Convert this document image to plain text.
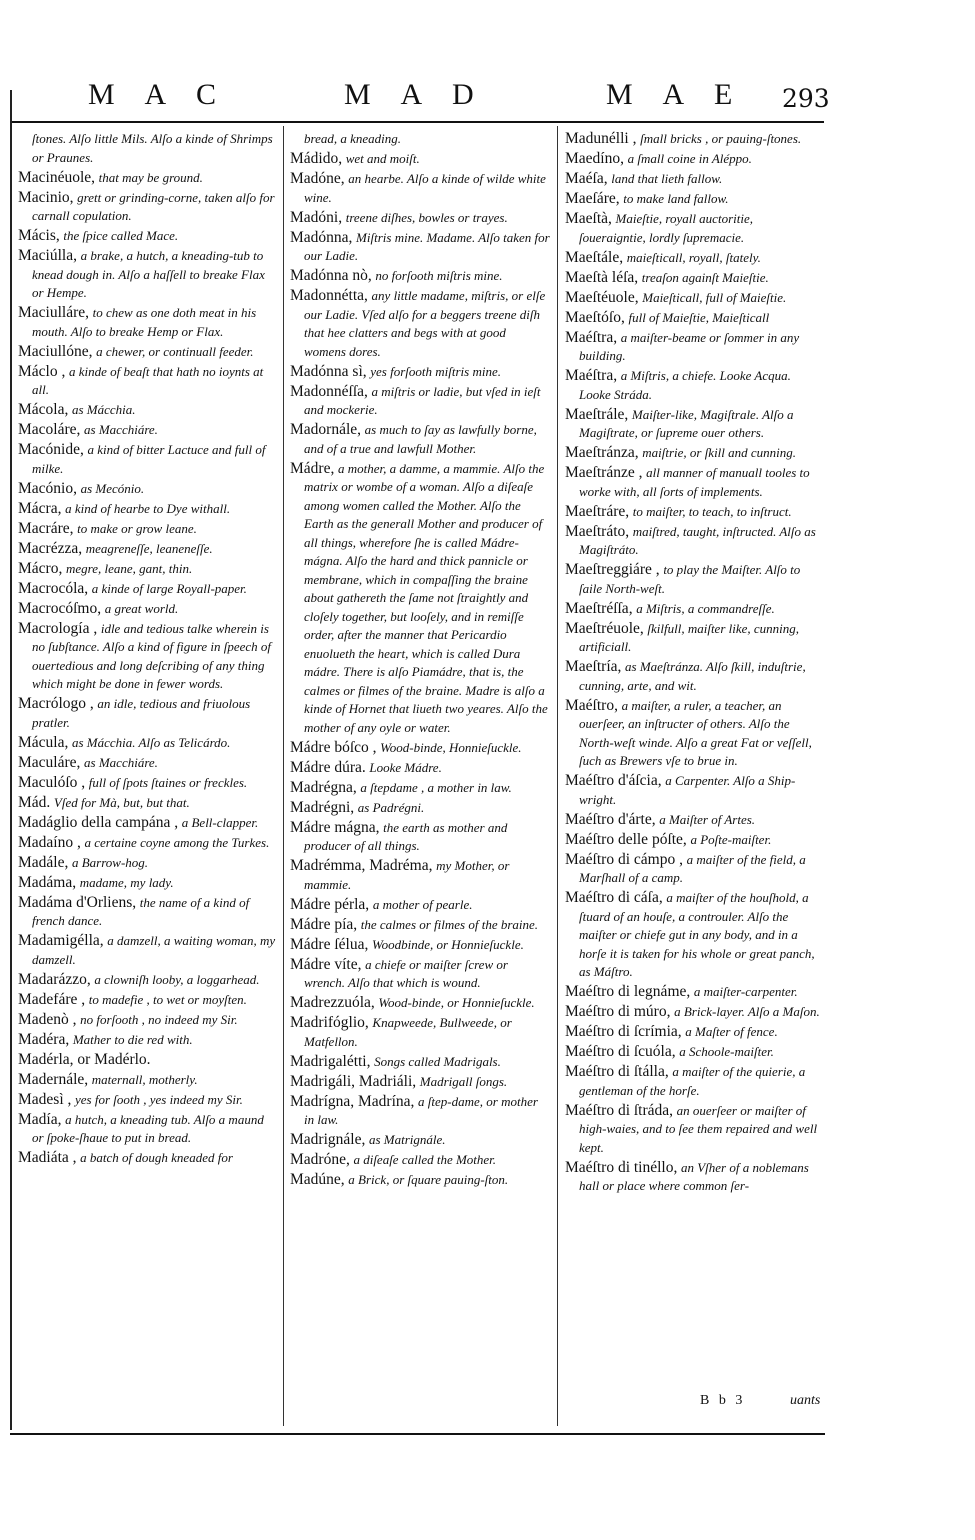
M A C	M A D	M A E 293
ſtones. Alſo little Mils. Alſo a kinde of Shrimps or Praunes.
Macinéuole, that may be ground.
Macinio, grett or grinding-corne, taken alſo for carnall copulation.
Mácis, the ſpice called Mace.
Maciúlla, a brake, a hutch, a kneading-tub to knead dough in. Alſo a haſſell to breake Flax or Hempe.
Maciulláre, to chew as one doth meat in his mouth. Alſo to breake Hemp or Flax.
Maciullóne, a chewer, or continuall feeder.
Máclo , a kinde of beaſt that hath no ioynts at all.
Mácola, as Mácchia.
Macoláre, as Macchiáre.
Macónide, a kind of bitter Lactuce and full of milke.
Macónio, as Mecónio.
Mácra, a kind of hearbe to Dye withall.
Macráre, to make or grow leane.
Macrézza, meagreneſſe, leaneneſſe.
Mácro, megre, leane, gant, thin.
Macrocóla, a kinde of large Royall-paper.
Macrocóſmo, a great world.
Macrología , idle and tedious talke wherein is no ſubſtance. Alſo a kind of figure in ſpeech of ouertedious and long deſcribing of any thing which might be done in fewer words.
Macrólogo , an idle, tedious and friuolous pratler.
Mácula, as Mácchia. Alſo as Telicárdo.
Maculáre, as Macchiáre.
Maculóſo , full of ſpots ſtaines or freckles.
Mád. Vſed for Mà, but, but that.
Madáglio della campána , a Bell-clapper.
Madaíno , a certaine coyne among the Turkes.
Madále, a Barrow-hog.
Madáma, madame, my lady.
Madáma d'Orliens, the name of a kind of french dance.
Madamigélla, a damzell, a waiting woman, my damzell.
Madarázzo, a clowniſh looby, a loggarhead.
Madefáre , to madefie , to wet or moyſten.
Madenò , no forſooth , no indeed my Sir.
Madéra, Mather to die red with.
Madérla, or Madérlo.
Madernále, maternall, motherly.
Madesì , yes for ſooth , yes indeed my Sir.
Madía, a hutch, a kneading tub. Alſo a maund or ſpoke-ſhaue to put in bread.
Madiáta , a batch of dough kneaded for
bread, a kneading.
Mádido, wet and moiſt.
Madóne, an hearbe. Alſo a kinde of wilde white wine.
Madóni, treene diſhes, bowles or trayes.
Madónna, Miſtris mine. Madame. Alſo taken for our Ladie.
Madónna nò, no forſooth miſtris mine.
Madonnétta, any little madame, miſtris, or elſe our Ladie. Vſed alſo for a beggers treene diſh that hee clatters and begs with at good womens dores.
Madónna sì, yes forſooth miſtris mine.
Madonnéſſa, a miſtris or ladie, but vſed in ieſt and mockerie.
Madornále, as much to ſay as lawfully borne, and of a true and lawfull Mother.
Mádre, a mother, a damme, a mammie. Alſo the matrix or wombe of a woman. Alſo a diſeaſe among women called the Mother. Alſo the Earth as the generall Mother and producer of all things, wherefore ſhe is called Mádre-mágna. Alſo the hard and thick pannicle or membrane, which in compaſſing the braine about gathereth the ſame not ſtraightly and cloſely together, but looſely, and in remiſſe order, after the manner that Pericardio enuolueth the heart, which is called Dura mádre. There is alſo Piamádre, that is, the calmes or filmes of the braine. Madre is alſo a kinde of Hornet that liueth two yeares. Alſo the mother of any oyle or water.
Mádre bóſco , Wood-binde, Honnieſuckle.
Mádre dúra. Looke Mádre.
Madrégna, a ſtepdame , a mother in law.
Madrégni, as Padrégni.
Mádre mágna, the earth as mother and producer of all things.
Madrémma, Madréma, my Mother, or mammie.
Mádre pérla, a mother of pearle.
Mádre pía, the calmes or filmes of the braine.
Mádre ſélua, Woodbinde, or Honnieſuckle.
Mádre víte, a chiefe or maiſter ſcrew or wrench. Alſo that which is wound.
Madrezzuóla, Wood-binde, or Honnieſuckle.
Madrifóglio, Knapweede, Bullweede, or Matfellon.
Madrigalétti, Songs called Madrigals.
Madrigáli, Madriáli, Madrigall ſongs.
Madrígna, Madrína, a ſtep-dame, or mother in law.
Madrignále, as Matrignále.
Madróne, a diſeaſe called the Mother.
Madúne, a Brick, or ſquare pauing-ſton.
Madunélli , ſmall bricks , or pauing-ſtones.
Maedíno, a ſmall coine in Aléppo.
Maéſa, land that lieth fallow.
Maeſáre, to make land fallow.
Maeſtà, Maieſtie, royall auctoritie, ſoueraigntie, lordly ſupremacie.
Maeſtále, maieſticall, royall, ſtately.
Maeſtà léſa, treaſon againſt Maieſtie.
Maeſtéuole, Maieſticall, full of Maieſtie.
Maeſtóſo, full of Maieſtie, Maieſticall
Maéſtra, a maiſter-beame or ſommer in any building.
Maéſtra, a Miſtris, a chiefe. Looke Acqua. Looke Stráda.
Maeſtrále, Maiſter-like, Magiſtrale. Alſo a Magiſtrate, or ſupreme ouer others.
Maeſtránza, maiſtrie, or ſkill and cunning.
Maeſtránze , all manner of manuall tooles to worke with, all ſorts of implements.
Maeſtráre, to maiſter, to teach, to inſtruct.
Maeſtráto, maiſtred, taught, inſtructed. Alſo as Magiſtráto.
Maeſtreggiáre , to play the Maiſter. Alſo to ſaile North-weſt.
Maeſtréſſa, a Miſtris, a commandreſſe.
Maeſtréuole, ſkilfull, maiſter like, cunning, artificiall.
Maeſtría, as Maeſtránza. Alſo ſkill, induſtrie, cunning, arte, and wit.
Maéſtro, a maiſter, a ruler, a teacher, an ouerſeer, an inſtructer of others. Alſo the North-weſt winde. Alſo a great Fat or veſſell, ſuch as Brewers vſe to brue in.
Maéſtro d'áſcia, a Carpenter. Alſo a Ship-wright.
Maéſtro d'árte, a Maiſter of Artes.
Maéſtro delle póſte, a Poſte-maiſter.
Maéſtro di cámpo , a maiſter of the field, a Marſhall of a camp.
Maéſtro di cáſa, a maiſter of the houſhold, a ſtuard of an houſe, a controuler. Alſo the maiſter or chiefe gut in any body, and in a horſe it is taken for his whole or great panch, as Máſtro.
Maéſtro di legnáme, a maiſter-carpenter.
Maéſtro di múro, a Brick-layer. Alſo a Maſon.
Maéſtro di ſcrímia, a Maſter of fence.
Maéſtro di ſcuóla, a Schoole-maiſter.
Maéſtro di ſtálla, a maiſter of the quierie, a gentleman of the horſe.
Maéſtro di ſtráda, an ouerſeer or maiſter of high-waies, and to ſee them repaired and well kept.
Maéſtro di tinéllo, an Vſher of a noblemans hall or place where common ſer-
B b 3	uants
